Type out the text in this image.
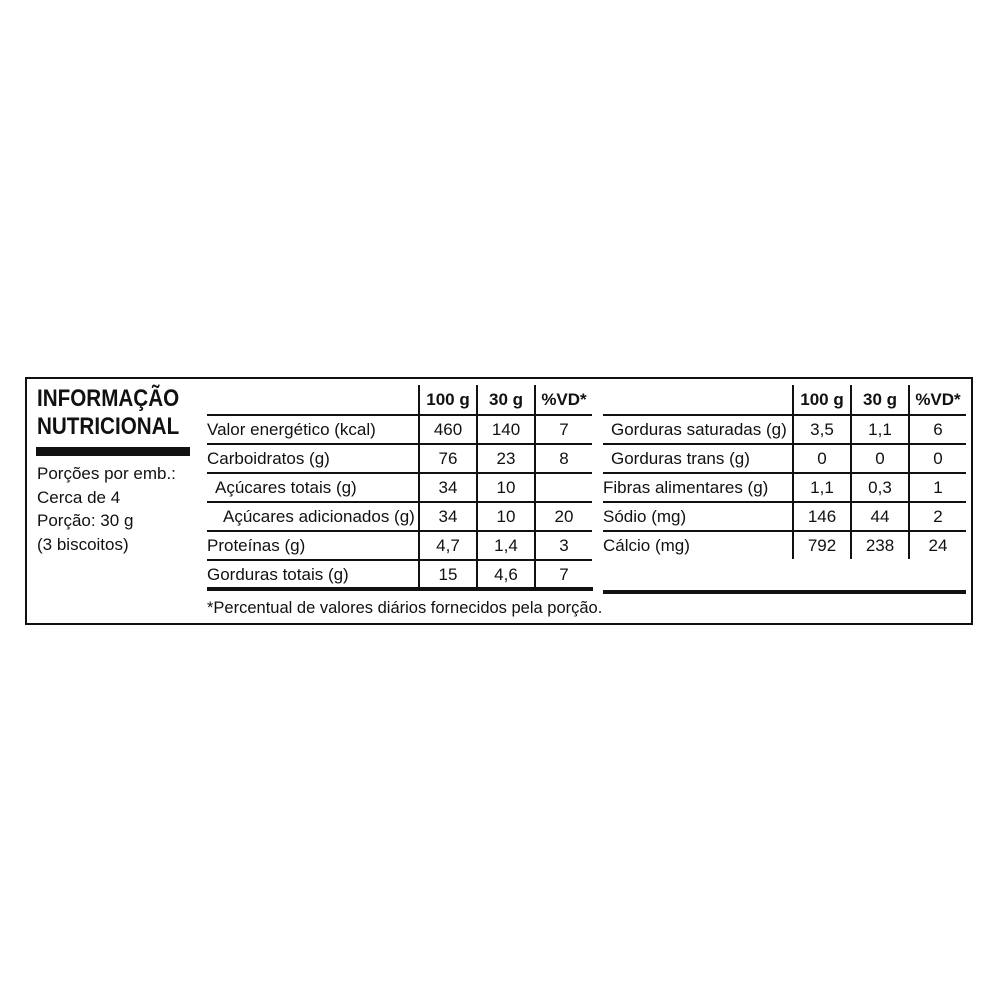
INFORMAÇÃO
NUTRICIONAL
Porções por emb.:
Cerca de 4
Porção: 30 g
(3 biscoitos)
100 g	30 g	%VD*
Valor energético (kcal)	460	140	7
Carboidratos (g)	76	23	8
Açúcares totais (g)	34	10
Açúcares adicionados (g)	34	10	20
Proteínas (g)	4,7	1,4	3
Gorduras totais (g)	15	4,6	7
100 g	30 g	%VD*
Gorduras saturadas (g)	3,5	1,1	6
Gorduras trans (g)	0	0	0
Fibras alimentares (g)	1,1	0,3	1
Sódio (mg)	146	44	2
Cálcio (mg)	792	238	24
*Percentual de valores diários fornecidos pela porção.
